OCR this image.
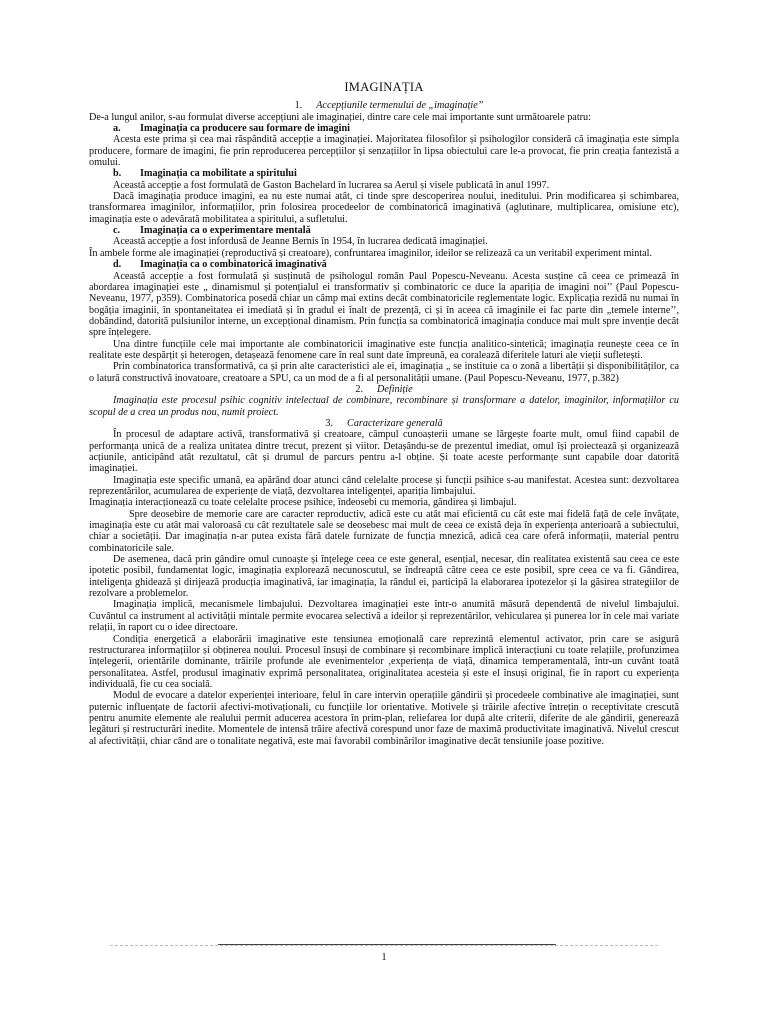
IMAGINAȚIA
1. Accepțiunile termenului de „imaginație”

De-a lungul anilor, s-au formulat diverse accepțiuni ale imaginației, dintre care cele mai importante sunt următoarele patru:

a. Imaginația ca producere sau formare de imagini

Acesta este prima și cea mai răspândită accepție a imaginației. Majoritatea filosofilor și psihologilor consideră că imaginația este simpla producere, formare de imagini, fie prin reproducerea percepțiilor și senzațiilor în lipsa obiectului care le-a provocat, fie prin creația fantezistă a omului.

b. Imaginația ca mobilitate a spiritului

Această accepție a fost formulată de Gaston Bachelard în lucrarea sa Aerul și visele publicată în anul 1997.

Dacă imaginația produce imagini, ea nu este numai atât, ci tinde spre descoperirea noului, ineditului. Prin modificarea și schimbarea, transformarea imaginilor, informațiilor, prin folosirea procedeelor de combinatorică imaginativă (aglutinare, multiplicarea, omisiune etc), imaginația este o adevărată mobilitatea a spiritului, a sufletului.

c. Imaginația ca o experimentare mentală

Această accepție a fost infordusă de Jeanne Bernis în 1954, în lucrarea dedicată imaginației.

În ambele forme ale imaginației (reproductivă și creatoare), confruntarea imaginilor, ideilor se relizează ca un veritabil experiment mintal.

d. Imaginația ca o combinatorică imaginativă

Această accepție a fost formulată și susținută de psihologul român Paul Popescu-Neveanu. Acesta susține că ceea ce primează în abordarea imaginației este „ dinamismul și potențialul ei transformativ și combinatoric ce duce la apariția de imagini noi’’ (Paul Popescu-Neveanu, 1977, p359). Combinatorica posedă chiar un câmp mai extins decât combinatoricile reglementate logic. Explicația rezidă nu numai în bogăția imaginii, în spontaneitatea ei imediată și în gradul ei înalt de prezență, ci și în aceea că imaginile ei fac parte din „temele interne’’, dobândind, datorită pulsiunilor interne, un excepțional dinamism. Prin funcția sa combinatorică imaginația conduce mai mult spre invenție decât spre înțelegere.

Una dintre funcțiile cele mai importante ale combinatoricii imaginative este funcția analitico-sintetică; imaginația reunește ceea ce în realitate este despărțit și heterogen, detașează fenomene care în real sunt date împreună, ea coralează diferitele laturi ale vieții sufletești.

Prin combinatorica transformativă, ca și prin alte caracteristici ale ei, imaginația „ se instituie ca o zonă a libertății și disponibilităților, ca o latură constructivă inovatoare, creatoare a SPU, ca un mod de a fi al personalității umane. (Paul Popescu-Neveanu, 1977, p.382)

2. Definiție

Imaginația este procesul psihic cognitiv intelectual de combinare, recombinare și transformare a datelor, imaginilor, informațiilor cu scopul de a crea un produs nou, numit proiect.

3. Caracterizare generală

În procesul de adaptare activă, transformativă și creatoare, câmpul cunoașterii umane se lărgește foarte mult, omul fiind capabil de performanța unică de a realiza unitatea dintre trecut, prezent și viitor. Detașându-se de prezentul imediat, omul își proiectează și organizează acțiunile, anticipând atât rezultatul, cât și drumul de parcurs pentru a-l obține. Și toate aceste performanțe sunt capabile doar datorită imaginației.

Imaginația este specific umană, ea apărând doar atunci când celelalte procese și funcții psihice s-au manifestat. Acestea sunt: dezvoltarea reprezentărilor, acumularea de experiențe de viață, dezvoltarea inteligenței, apariția limbajului.

Imaginația interacționează cu toate celelalte procese psihice, îndeosebi cu memoria, gândirea și limbajul.

Spre deosebire de memorie care are caracter reproductiv, adică este cu atât mai eficientă cu cât este mai fidelă față de cele învățate, imaginația este cu atât mai valoroasă cu cât rezultatele sale se deosebesc mai mult de ceea ce există deja în experiența anterioară a subiectului, chiar a societății. Dar imaginația n-ar putea exista fără datele furnizate de funcția mnezică, adică cea care oferă informații, material pentru combinatoricile sale.

De asemenea, dacă prin gândire omul cunoaște și înțelege ceea ce este general, esențial, necesar, din realitatea existentă sau ceea ce este ipotetic posibil, fundamentat logic, imaginația explorează necunoscutul, se îndreaptă către ceea ce este posibil, spre ceea ce va fi. Gândirea, inteligența ghidează și dirijează producția imaginativă, iar imaginația, la rândul ei, participă la elaborarea ipotezelor și la găsirea strategiilor de rezolvare a problemelor.

Imaginația implică, mecanismele limbajului. Dezvoltarea imaginației este într-o anumită măsură dependentă de nivelul limbajului. Cuvântul ca instrument al activității mintale permite evocarea selectivă a ideilor și reprezentărilor, vehicularea și punerea lor în cele mai variate relații, în raport cu o idee directoare.

Condiția energetică a elaborării imaginative este tensiunea emoțională care reprezintă elementul activator, prin care se asigură restructurarea informațiilor și obținerea noului. Procesul însuși de combinare și recombinare implică interacțiuni cu toate relațiile, profunzimea înțelegerii, orientările dominante, trăirile profunde ale evenimentelor ,experiența de viață, dinamica temperamentală, într-un cuvânt toată personalitatea. Astfel, produsul imaginativ exprimă personalitatea, originalitatea acesteia și este el însuși original, fie în raport cu experiența individuală, fie cu cea socială.

Modul de evocare a datelor experienței interioare, felul în care intervin operațiile gândirii și procedeele combinative ale imaginației, sunt puternic influențate de factorii afectivi-motivaționali, cu funcțiile lor orientative. Motivele și trăirile afective întrețin o receptivitate crescută pentru anumite elemente ale realului permit aducerea acestora în prim-plan, reliefarea lor după alte criterii, diferite de ale gândirii, generează legături și restructurări inedite. Momentele de intensă trăire afectivă corespund unor faze de maximă productivitate imaginativă. Nivelul crescut al afectivității, chiar când are o tonalitate negativă, este mai favorabil combinărilor imaginative decât tensiunile joase pozitive.

1
